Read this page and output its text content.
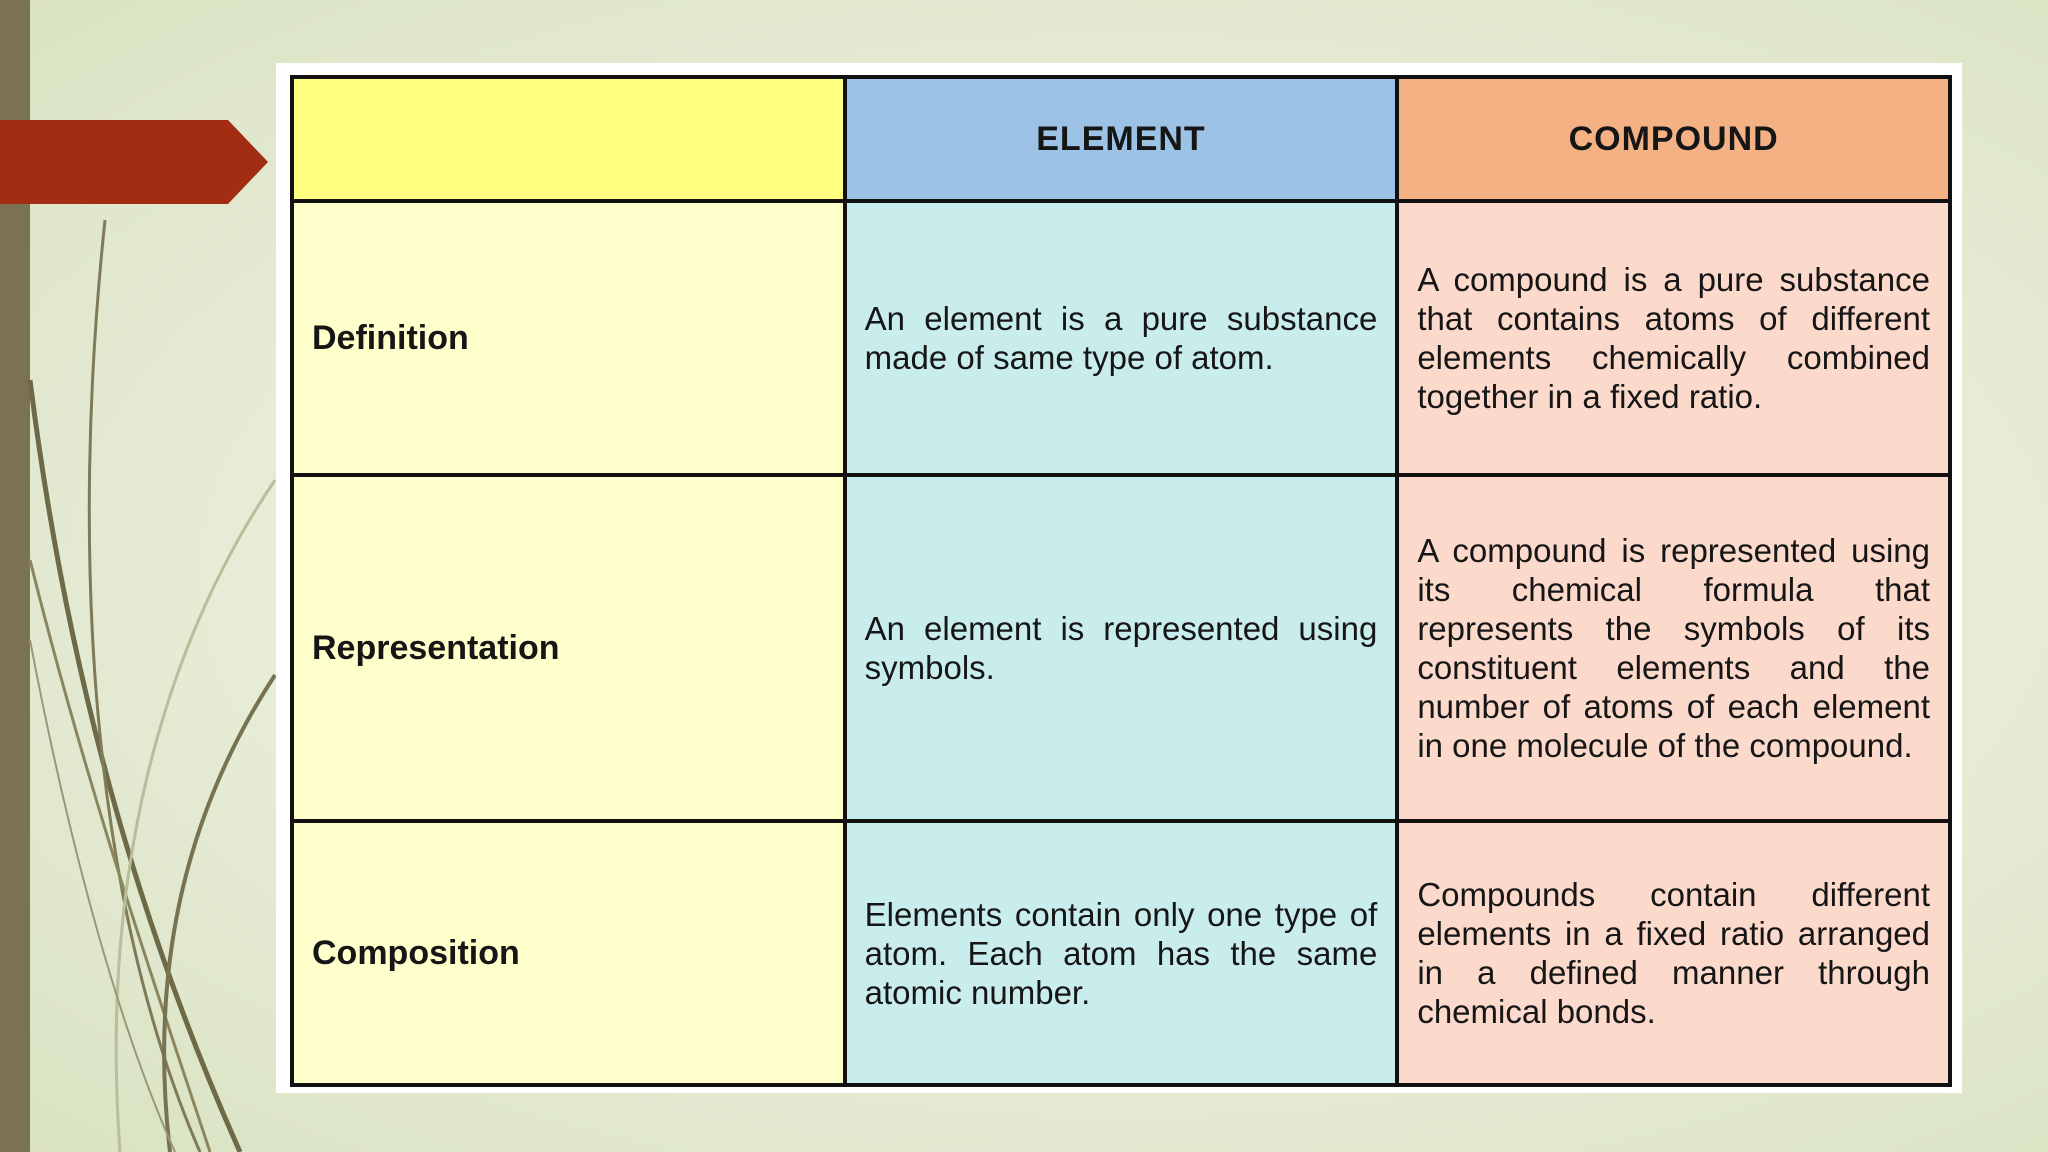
	ELEMENT	COMPOUND
Definition	An element is a pure substance made of same type of atom.	A compound is a pure substance that contains atoms of different elements chemically combined together in a fixed ratio.
Representation	An element is represented using symbols.	A compound is represented using its chemical formula that represents the symbols of its constituent elements and the number of atoms of each element in one molecule of the compound.
Composition	Elements contain only one type of atom. Each atom has the same atomic number.	Compounds contain different elements in a fixed ratio arranged in a defined manner through chemical bonds.
